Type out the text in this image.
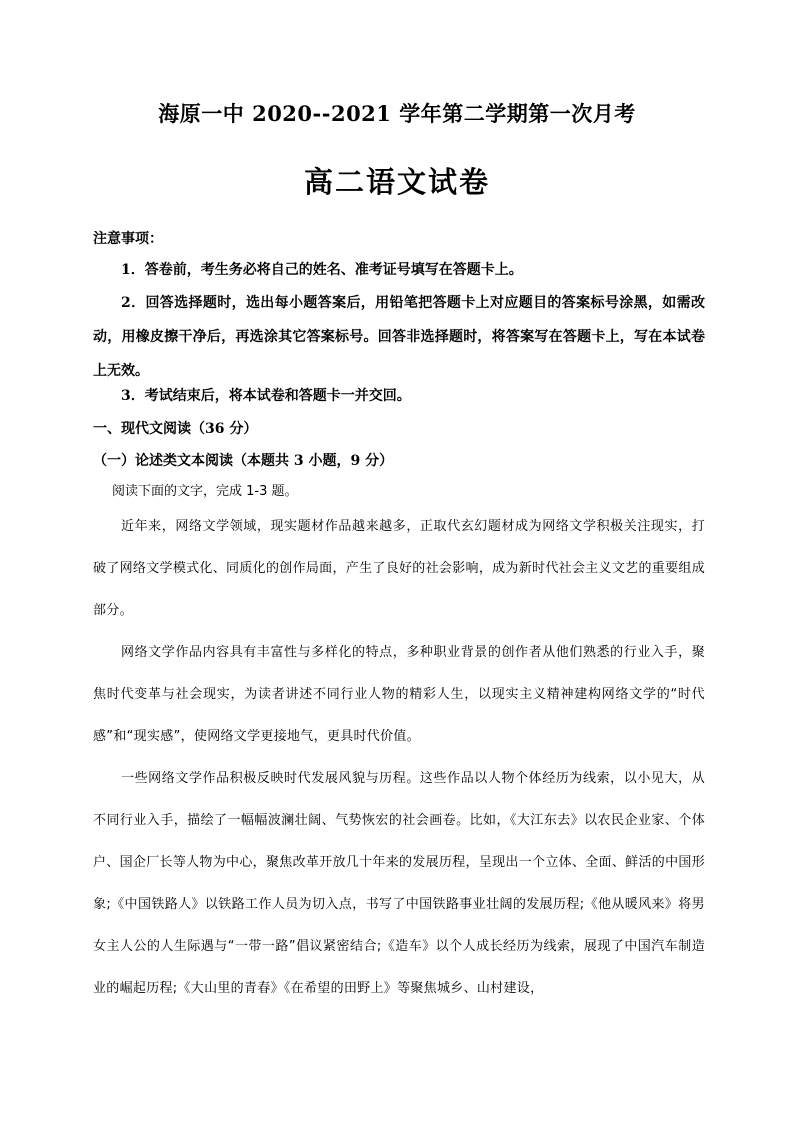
海原一中 2020--2021 学年第二学期第一次月考
高二语文试卷
注意事项：
1．答卷前，考生务必将自己的姓名、准考证号填写在答题卡上。
2．回答选择题时，选出每小题答案后，用铅笔把答题卡上对应题目的答案标号涂黑，如需改动，用橡皮擦干净后，再选涂其它答案标号。回答非选择题时，将答案写在答题卡上，写在本试卷上无效。
3．考试结束后，将本试卷和答题卡一并交回。
一、现代文阅读（36 分）
（一）论述类文本阅读（本题共 3 小题，9 分）
阅读下面的文字，完成 1-3 题。
近年来，网络文学领域，现实题材作品越来越多，正取代玄幻题材成为网络文学积极关注现实，打破了网络文学模式化、同质化的创作局面，产生了良好的社会影响，成为新时代社会主义文艺的重要组成部分。
网络文学作品内容具有丰富性与多样化的特点，多种职业背景的创作者从他们熟悉的行业入手，聚焦时代变革与社会现实，为读者讲述不同行业人物的精彩人生，以现实主义精神建构网络文学的“时代感”和“现实感”，使网络文学更接地气，更具时代价值。
一些网络文学作品积极反映时代发展风貌与历程。这些作品以人物个体经历为线索，以小见大，从不同行业入手，描绘了一幅幅波澜壮阔、气势恢宏的社会画卷。比如，《大江东去》以农民企业家、个体户、国企厂长等人物为中心，聚焦改革开放几十年来的发展历程，呈现出一个立体、全面、鲜活的中国形象;《中国铁路人》以铁路工作人员为切入点，书写了中国铁路事业壮阔的发展历程;《他从暖风来》将男女主人公的人生际遇与“一带一路”倡议紧密结合;《造车》以个人成长经历为线索，展现了中国汽车制造业的崛起历程;《大山里的青春》《在希望的田野上》等聚焦城乡、山村建设，
